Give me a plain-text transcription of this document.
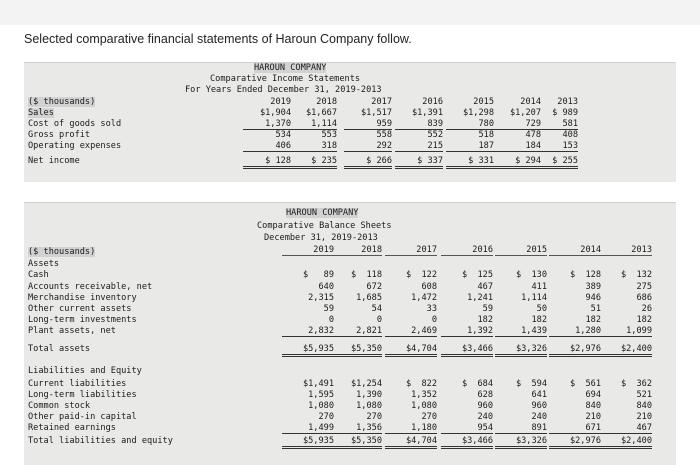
Selected comparative financial statements of Haroun Company follow.
HAROUN COMPANY
Comparative Income Statements
For Years Ended December 31, 2019-2013
($ thousands)	2019	2018	2017	2016	2015	2014	2013
Sales	$1,904	$1,667	$1,517	$1,391	$1,298	$1,207	$ 989
Cost of goods sold	1,370	1,114	959	839	780	729	581
Gross profit	534	553	558	552	518	478	408
Operating expenses	406	318	292	215	187	184	153
Net income	$ 128	$ 235	$ 266	$ 337	$ 331	$ 294	$ 255
HAROUN COMPANY
Comparative Balance Sheets
December 31, 2019-2013
($ thousands)
Assets
Liabilities and Equity
2019	2018	2017	2016	2015	2014	2013
Cash	$   89	$  118	$  122	$  125	$  130	$  128	$  132
Accounts receivable, net	640	672	608	467	411	389	275
Merchandise inventory	2,315	1,685	1,472	1,241	1,114	946	686
Other current assets	59	54	33	59	50	51	26
Long-term investments	0	0	0	182	182	182	182
Plant assets, net	2,832	2,821	2,469	1,392	1,439	1,280	1,099
Total assets	$5,935	$5,350	$4,704	$3,466	$3,326	$2,976	$2,400
Current liabilities	$1,491	$1,254	$  822	$  684	$  594	$  561	$  362
Long-term liabilities	1,595	1,390	1,352	628	641	694	521
Common stock	1,080	1,080	1,080	960	960	840	840
Other paid-in capital	270	270	270	240	240	210	210
Retained earnings	1,499	1,356	1,180	954	891	671	467
Total liabilities and equity	$5,935	$5,350	$4,704	$3,466	$3,326	$2,976	$2,400
